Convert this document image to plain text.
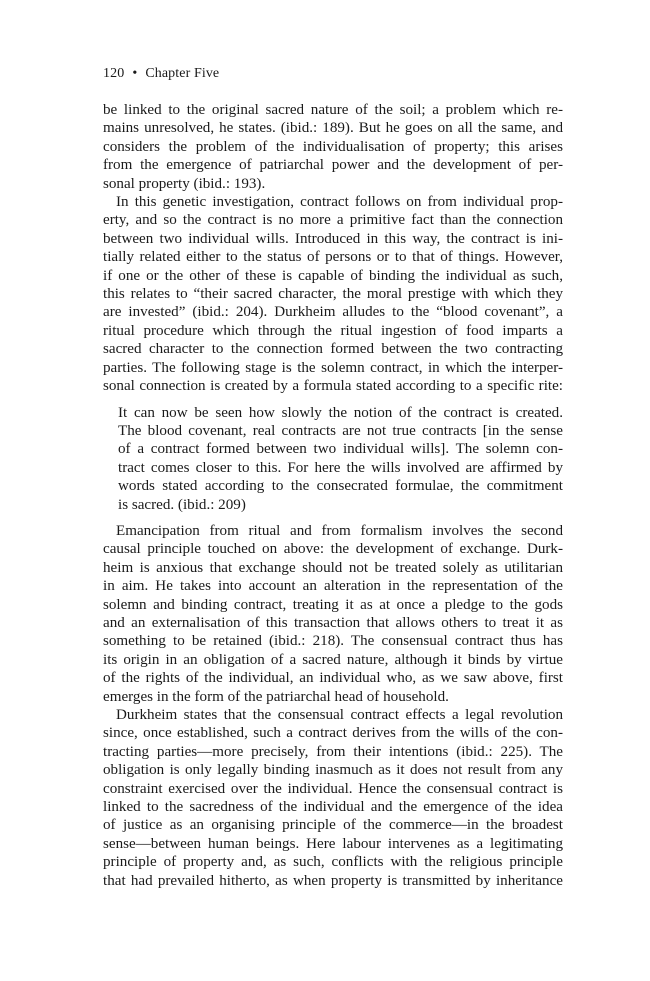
120 • Chapter Five
be linked to the original sacred nature of the soil; a problem which re-
mains unresolved, he states. (ibid.: 189). But he goes on all the same, and
considers the problem of the individualisation of property; this arises
from the emergence of patriarchal power and the development of per-
sonal property (ibid.: 193).
In this genetic investigation, contract follows on from individual prop-
erty, and so the contract is no more a primitive fact than the connection
between two individual wills. Introduced in this way, the contract is ini-
tially related either to the status of persons or to that of things. However,
if one or the other of these is capable of binding the individual as such,
this relates to “their sacred character, the moral prestige with which they
are invested” (ibid.: 204). Durkheim alludes to the “blood covenant”, a
ritual procedure which through the ritual ingestion of food imparts a
sacred character to the connection formed between the two contracting
parties. The following stage is the solemn contract, in which the interper-
sonal connection is created by a formula stated according to a specific rite:
It can now be seen how slowly the notion of the contract is created.
The blood covenant, real contracts are not true contracts [in the sense
of a contract formed between two individual wills]. The solemn con-
tract comes closer to this. For here the wills involved are affirmed by
words stated according to the consecrated formulae, the commitment
is sacred. (ibid.: 209)
Emancipation from ritual and from formalism involves the second
causal principle touched on above: the development of exchange. Durk-
heim is anxious that exchange should not be treated solely as utilitarian
in aim. He takes into account an alteration in the representation of the
solemn and binding contract, treating it as at once a pledge to the gods
and an externalisation of this transaction that allows others to treat it as
something to be retained (ibid.: 218). The consensual contract thus has
its origin in an obligation of a sacred nature, although it binds by virtue
of the rights of the individual, an individual who, as we saw above, first
emerges in the form of the patriarchal head of household.
Durkheim states that the consensual contract effects a legal revolution
since, once established, such a contract derives from the wills of the con-
tracting parties—more precisely, from their intentions (ibid.: 225). The
obligation is only legally binding inasmuch as it does not result from any
constraint exercised over the individual. Hence the consensual contract is
linked to the sacredness of the individual and the emergence of the idea
of justice as an organising principle of the commerce—in the broadest
sense—between human beings. Here labour intervenes as a legitimating
principle of property and, as such, conflicts with the religious principle
that had prevailed hitherto, as when property is transmitted by inheritance
